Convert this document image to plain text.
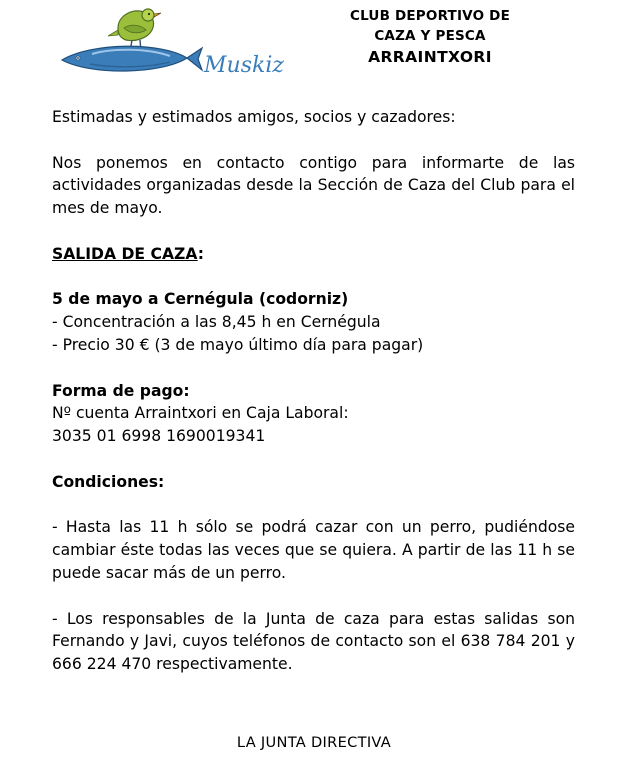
Muskiz
CLUB DEPORTIVO DE
CAZA Y PESCA
ARRAINTXORI

Estimadas y estimados amigos, socios y cazadores:

Nos ponemos en contacto contigo para informarte de las actividades organizadas desde la Sección de Caza del Club para el mes de mayo.

SALIDA DE CAZA:

5 de mayo a Cernégula (codorniz)

- Concentración a las 8,45 h en Cernégula

- Precio 30 € (3 de mayo último día para pagar)

Forma de pago:

Nº cuenta Arraintxori en Caja Laboral:

3035 01 6998 1690019341

Condiciones:

- Hasta las 11 h sólo se podrá cazar con un perro, pudiéndose cambiar éste todas las veces que se quiera. A partir de las 11 h se puede sacar más de un perro.

- Los responsables de la Junta de caza para estas salidas son Fernando y Javi, cuyos teléfonos de contacto son el 638 784 201 y 666 224 470 respectivamente.

LA JUNTA DIRECTIVA
